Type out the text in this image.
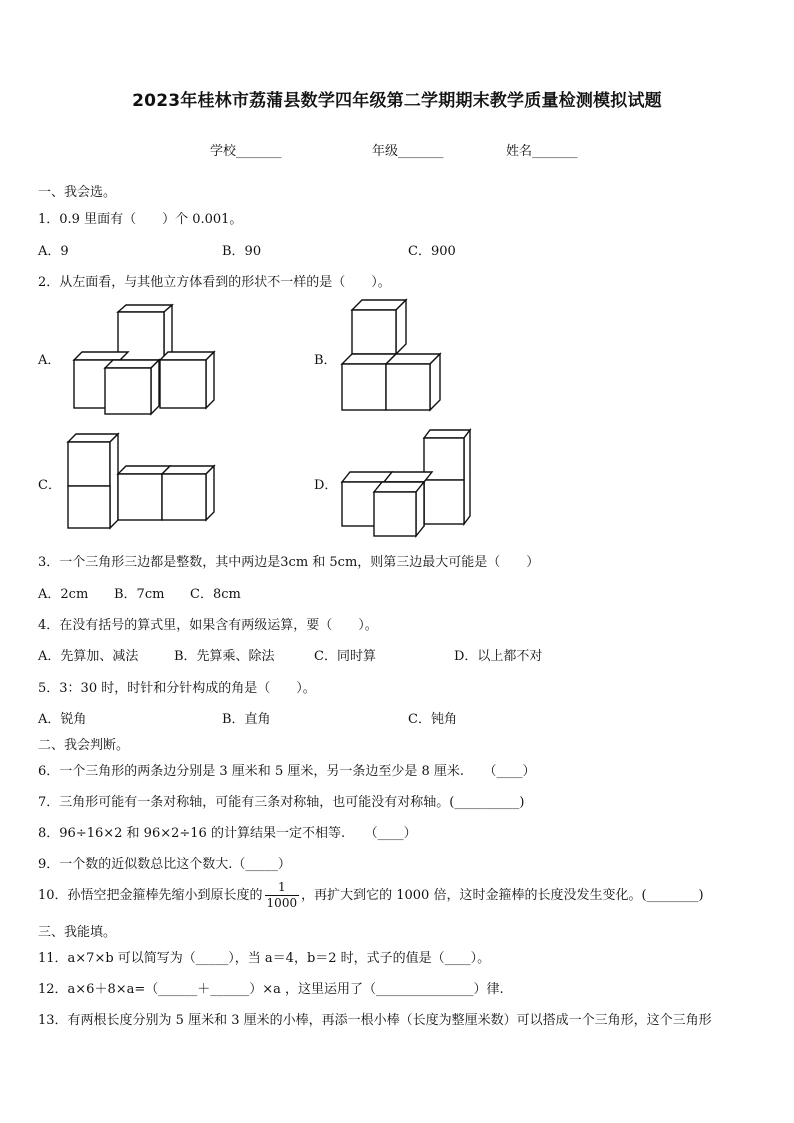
2023年桂林市荔蒲县数学四年级第二学期期末教学质量检测模拟试题
学校_______	年级_______	姓名_______
一、我会选。
1．0.9 里面有（　　）个 0.001。
A．9	B．90	C．900
2．从左面看，与其他立方体看到的形状不一样的是（　　）。
A．	B．
C．	D．
3．一个三角形三边都是整数，其中两边是3cm 和 5cm，则第三边最大可能是（　　）
A．2cm B．7cm C．8cm
4．在没有括号的算式里，如果含有两级运算，要（　　）。
A．先算加、减法	B．先算乘、除法	C．同时算	D．以上都不对
5．3：30 时，时针和分针构成的角是（　　）。
A．锐角	B．直角	C．钝角
二、我会判断。
6．一个三角形的两条边分别是 3 厘米和 5 厘米，另一条边至少是 8 厘米.　　（____）
7．三角形可能有一条对称轴，可能有三条对称轴，也可能没有对称轴。(__________)
8．96÷16×2 和 96×2÷16 的计算结果一定不相等.　　（____）
9．一个数的近似数总比这个数大.（_____）
10．孙悟空把金箍棒先缩小到原长度的 $\frac{1}{1000}$ ，再扩大到它的 1000 倍，这时金箍棒的长度没发生变化。(________)
三、我能填。
11．a×7×b 可以简写为（_____），当 a＝4，b＝2 时，式子的值是（____）。
12．a×6＋8×a=（______＋______）×a ，这里运用了（_______________）律.
13．有两根长度分别为 5 厘米和 3 厘米的小棒，再添一根小棒（长度为整厘米数）可以搭成一个三角形，这个三角形
